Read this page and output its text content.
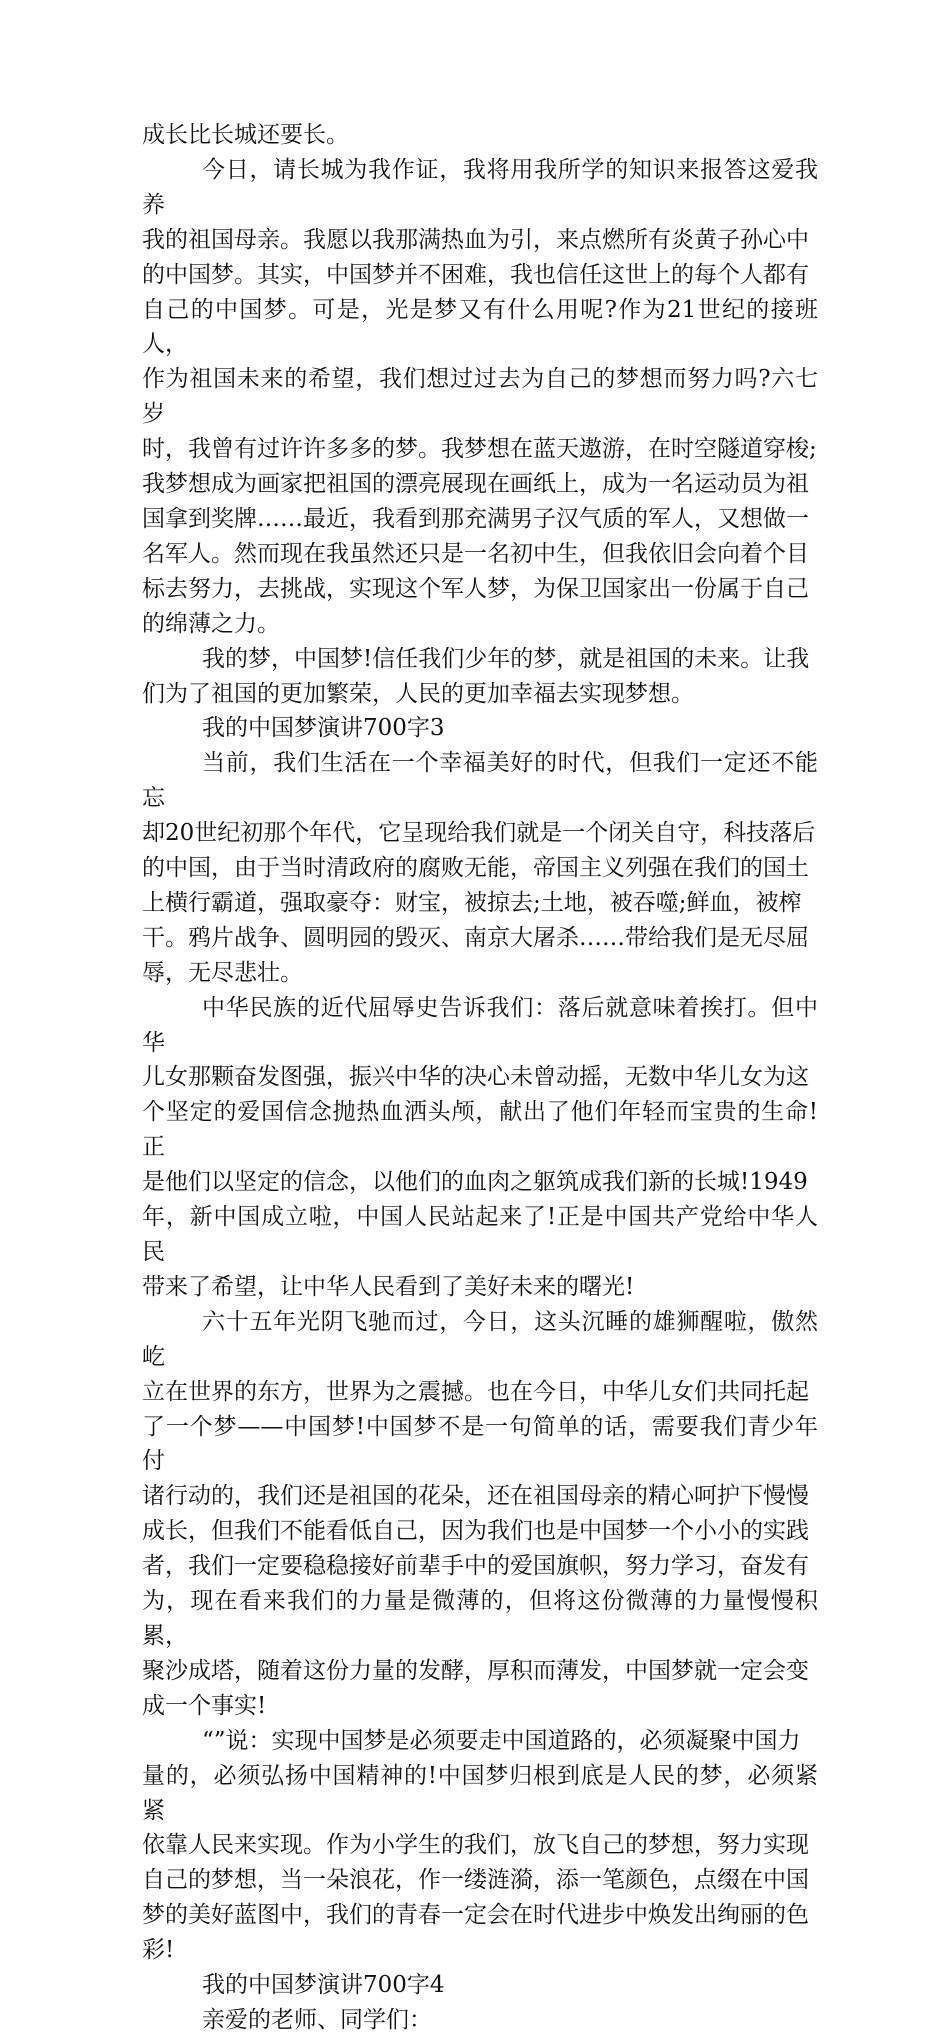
成长比长城还要长。

今日，请长城为我作证，我将用我所学的知识来报答这爱我养
我的祖国母亲。我愿以我那满热血为引，来点燃所有炎黄子孙心中
的中国梦。其实，中国梦并不困难，我也信任这世上的每个人都有
自己的中国梦。可是，光是梦又有什么用呢?作为21世纪的接班人，
作为祖国未来的希望，我们想过过去为自己的梦想而努力吗?六七岁
时，我曾有过许许多多的梦。我梦想在蓝天遨游，在时空隧道穿梭;
我梦想成为画家把祖国的漂亮展现在画纸上，成为一名运动员为祖
国拿到奖牌……最近，我看到那充满男子汉气质的军人，又想做一
名军人。然而现在我虽然还只是一名初中生，但我依旧会向着个目
标去努力，去挑战，实现这个军人梦，为保卫国家出一份属于自己
的绵薄之力。

我的梦，中国梦!信任我们少年的梦，就是祖国的未来。让我
们为了祖国的更加繁荣，人民的更加幸福去实现梦想。

我的中国梦演讲700字3

当前，我们生活在一个幸福美好的时代，但我们一定还不能忘
却20世纪初那个年代，它呈现给我们就是一个闭关自守，科技落后
的中国，由于当时清政府的腐败无能，帝国主义列强在我们的国土
上横行霸道，强取豪夺：财宝，被掠去;土地，被吞噬;鲜血，被榨
干。鸦片战争、圆明园的毁灭、南京大屠杀……带给我们是无尽屈
辱，无尽悲壮。

中华民族的近代屈辱史告诉我们：落后就意味着挨打。但中华
儿女那颗奋发图强，振兴中华的决心未曾动摇，无数中华儿女为这
个坚定的爱国信念抛热血洒头颅，献出了他们年轻而宝贵的生命!正
是他们以坚定的信念，以他们的血肉之躯筑成我们新的长城!1949
年，新中国成立啦，中国人民站起来了!正是中国共产党给中华人民
带来了希望，让中华人民看到了美好未来的曙光!

六十五年光阴飞驰而过，今日，这头沉睡的雄狮醒啦，傲然屹
立在世界的东方，世界为之震撼。也在今日，中华儿女们共同托起
了一个梦——中国梦!中国梦不是一句简单的话，需要我们青少年付
诸行动的，我们还是祖国的花朵，还在祖国母亲的精心呵护下慢慢
成长，但我们不能看低自己，因为我们也是中国梦一个小小的实践
者，我们一定要稳稳接好前辈手中的爱国旗帜，努力学习，奋发有
为，现在看来我们的力量是微薄的，但将这份微薄的力量慢慢积累，
聚沙成塔，随着这份力量的发酵，厚积而薄发，中国梦就一定会变
成一个事实!

“”说：实现中国梦是必须要走中国道路的，必须凝聚中国力
量的，必须弘扬中国精神的!中国梦归根到底是人民的梦，必须紧紧
依靠人民来实现。作为小学生的我们，放飞自己的梦想，努力实现
自己的梦想，当一朵浪花，作一缕涟漪，添一笔颜色，点缀在中国
梦的美好蓝图中，我们的青春一定会在时代进步中焕发出绚丽的色
彩!

我的中国梦演讲700字4

亲爱的老师、同学们：
